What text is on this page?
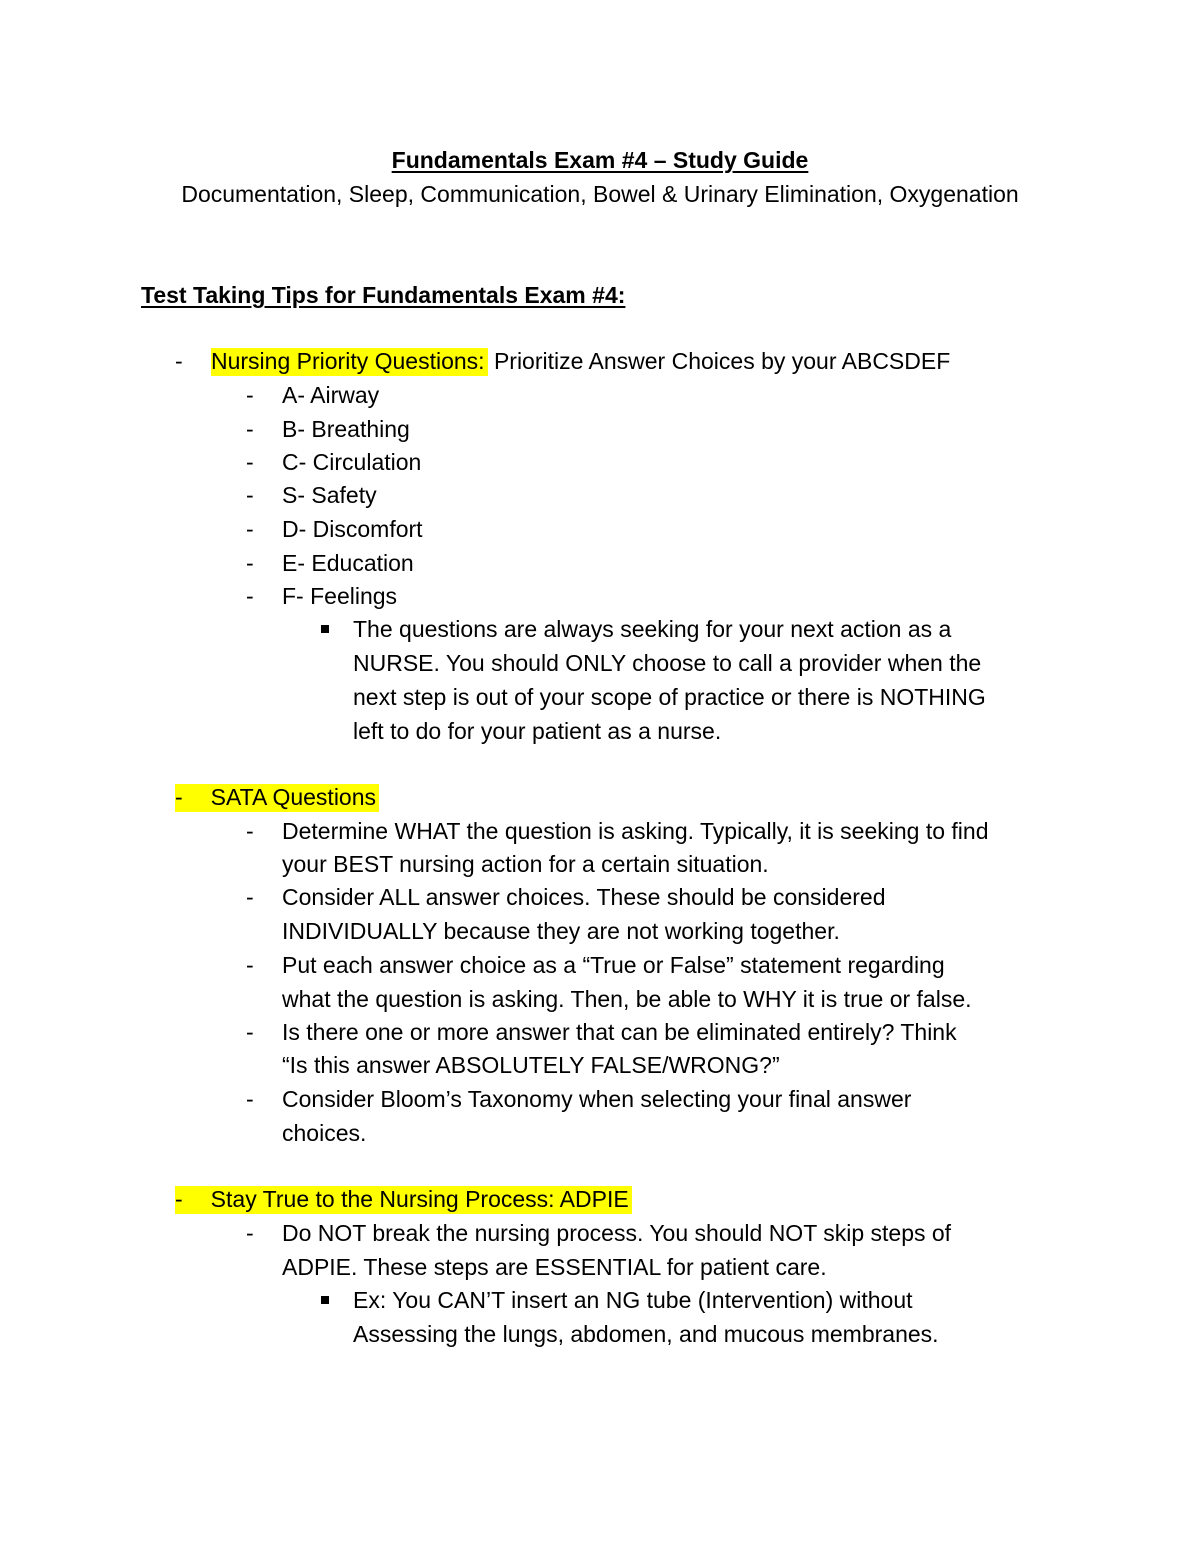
Fundamentals Exam #4 – Study Guide
Documentation, Sleep, Communication, Bowel & Urinary Elimination, Oxygenation
Test Taking Tips for Fundamentals Exam #4:
- Nursing Priority Questions: Prioritize Answer Choices by your ABCSDEF
- A- Airway
- B- Breathing
- C- Circulation
- S- Safety
- D- Discomfort
- E- Education
- F- Feelings
The questions are always seeking for your next action as a
NURSE. You should ONLY choose to call a provider when the
next step is out of your scope of practice or there is NOTHING
left to do for your patient as a nurse.
- SATA Questions
- Determine WHAT the question is asking. Typically, it is seeking to find
your BEST nursing action for a certain situation.
- Consider ALL answer choices. These should be considered
INDIVIDUALLY because they are not working together.
- Put each answer choice as a “True or False” statement regarding
what the question is asking. Then, be able to WHY it is true or false.
- Is there one or more answer that can be eliminated entirely? Think
“Is this answer ABSOLUTELY FALSE/WRONG?”
- Consider Bloom’s Taxonomy when selecting your final answer
choices.
- Stay True to the Nursing Process: ADPIE
- Do NOT break the nursing process. You should NOT skip steps of
ADPIE. These steps are ESSENTIAL for patient care.
Ex: You CAN’T insert an NG tube (Intervention) without
Assessing the lungs, abdomen, and mucous membranes.
